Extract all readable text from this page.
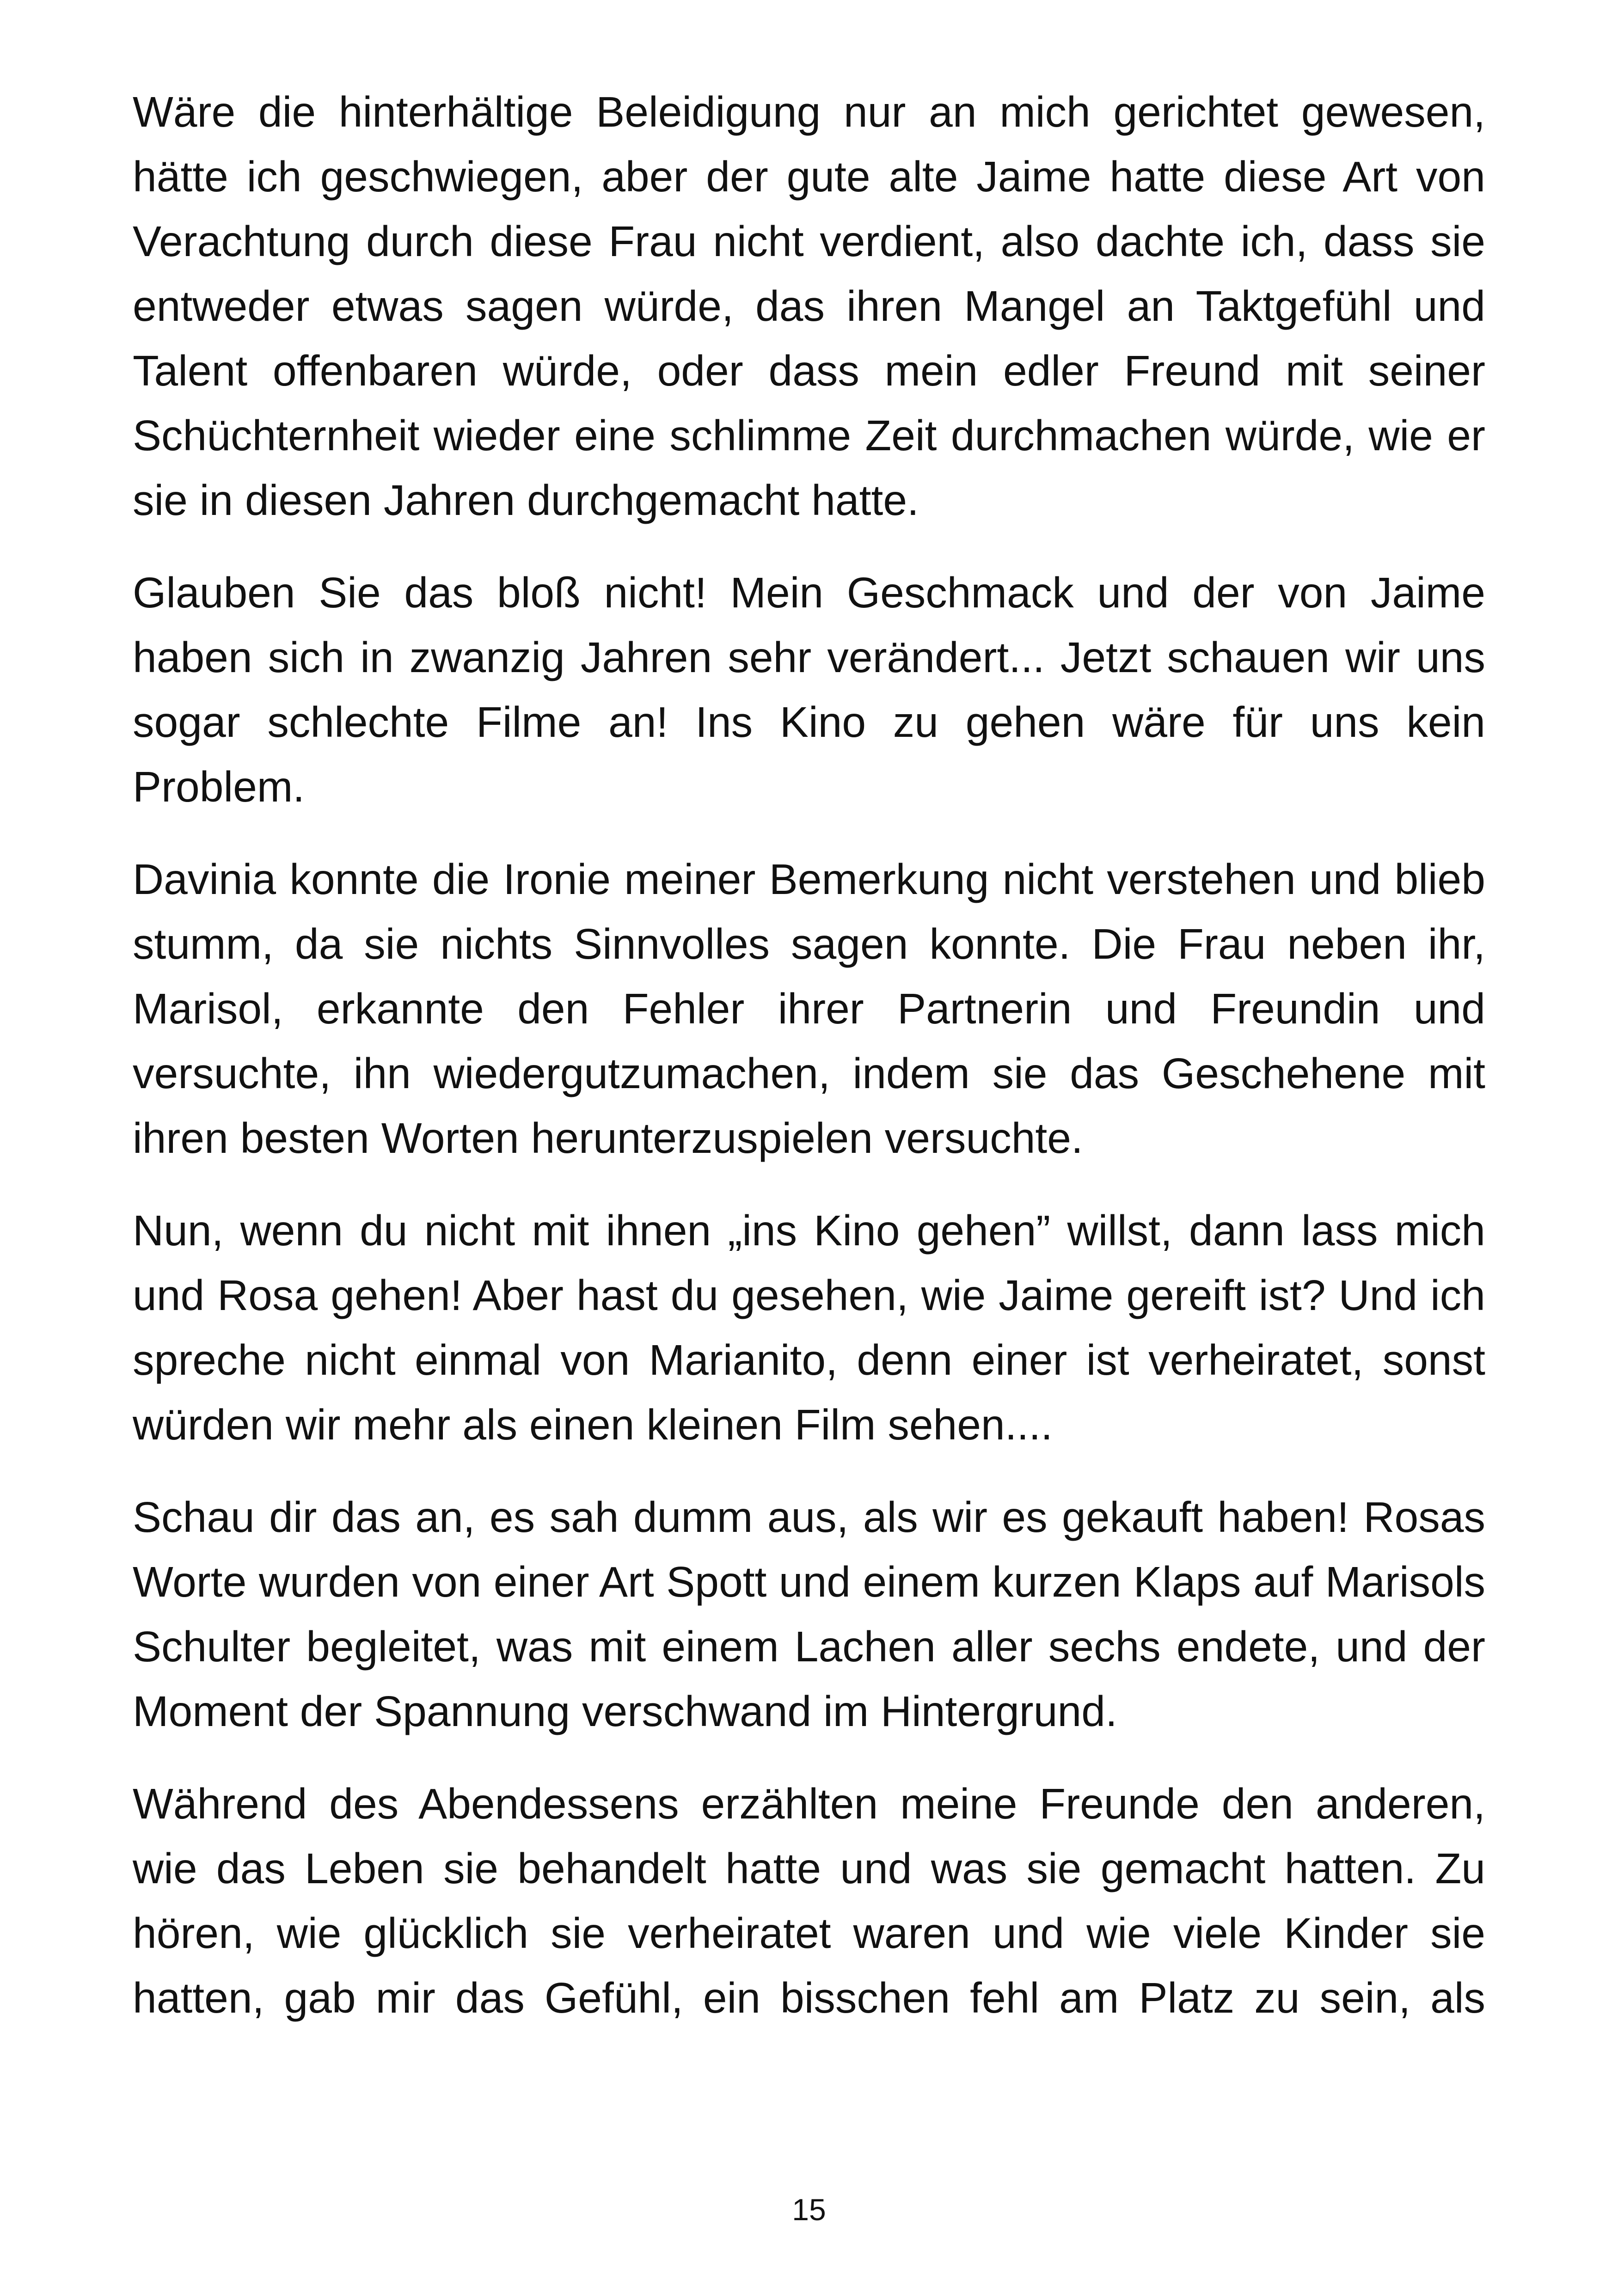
Wäre die hinterhältige Beleidigung nur an mich gerichtet gewesen, hätte ich geschwiegen, aber der gute alte Jaime hatte diese Art von Verachtung durch diese Frau nicht verdient, also dachte ich, dass sie entweder etwas sagen würde, das ihren Mangel an Taktgefühl und Talent offenbaren würde, oder dass mein edler Freund mit seiner Schüchternheit wieder eine schlimme Zeit durchmachen würde, wie er sie in diesen Jahren durchgemacht hatte.

Glauben Sie das bloß nicht! Mein Geschmack und der von Jaime haben sich in zwanzig Jahren sehr verändert... Jetzt schauen wir uns sogar schlechte Filme an! Ins Kino zu gehen wäre für uns kein Problem.

Davinia konnte die Ironie meiner Bemerkung nicht verstehen und blieb stumm, da sie nichts Sinnvolles sagen konnte. Die Frau neben ihr, Marisol, erkannte den Fehler ihrer Partnerin und Freundin und versuchte, ihn wiedergutzumachen, indem sie das Geschehene mit ihren besten Worten herunterzuspielen versuchte.

Nun, wenn du nicht mit ihnen „ins Kino gehen” willst, dann lass mich und Rosa gehen! Aber hast du gesehen, wie Jaime gereift ist? Und ich spreche nicht einmal von Marianito, denn einer ist verheiratet, sonst würden wir mehr als einen kleinen Film sehen....

Schau dir das an, es sah dumm aus, als wir es gekauft haben! Rosas Worte wurden von einer Art Spott und einem kurzen Klaps auf Marisols Schulter begleitet, was mit einem Lachen aller sechs endete, und der Moment der Spannung verschwand im Hintergrund.

Während des Abendessens erzählten meine Freunde den anderen, wie das Leben sie behandelt hatte und was sie gemacht hatten. Zu hören, wie glücklich sie verheiratet waren und wie viele Kinder sie hatten, gab mir das Gefühl, ein bisschen fehl am Platz zu sein, als

15
